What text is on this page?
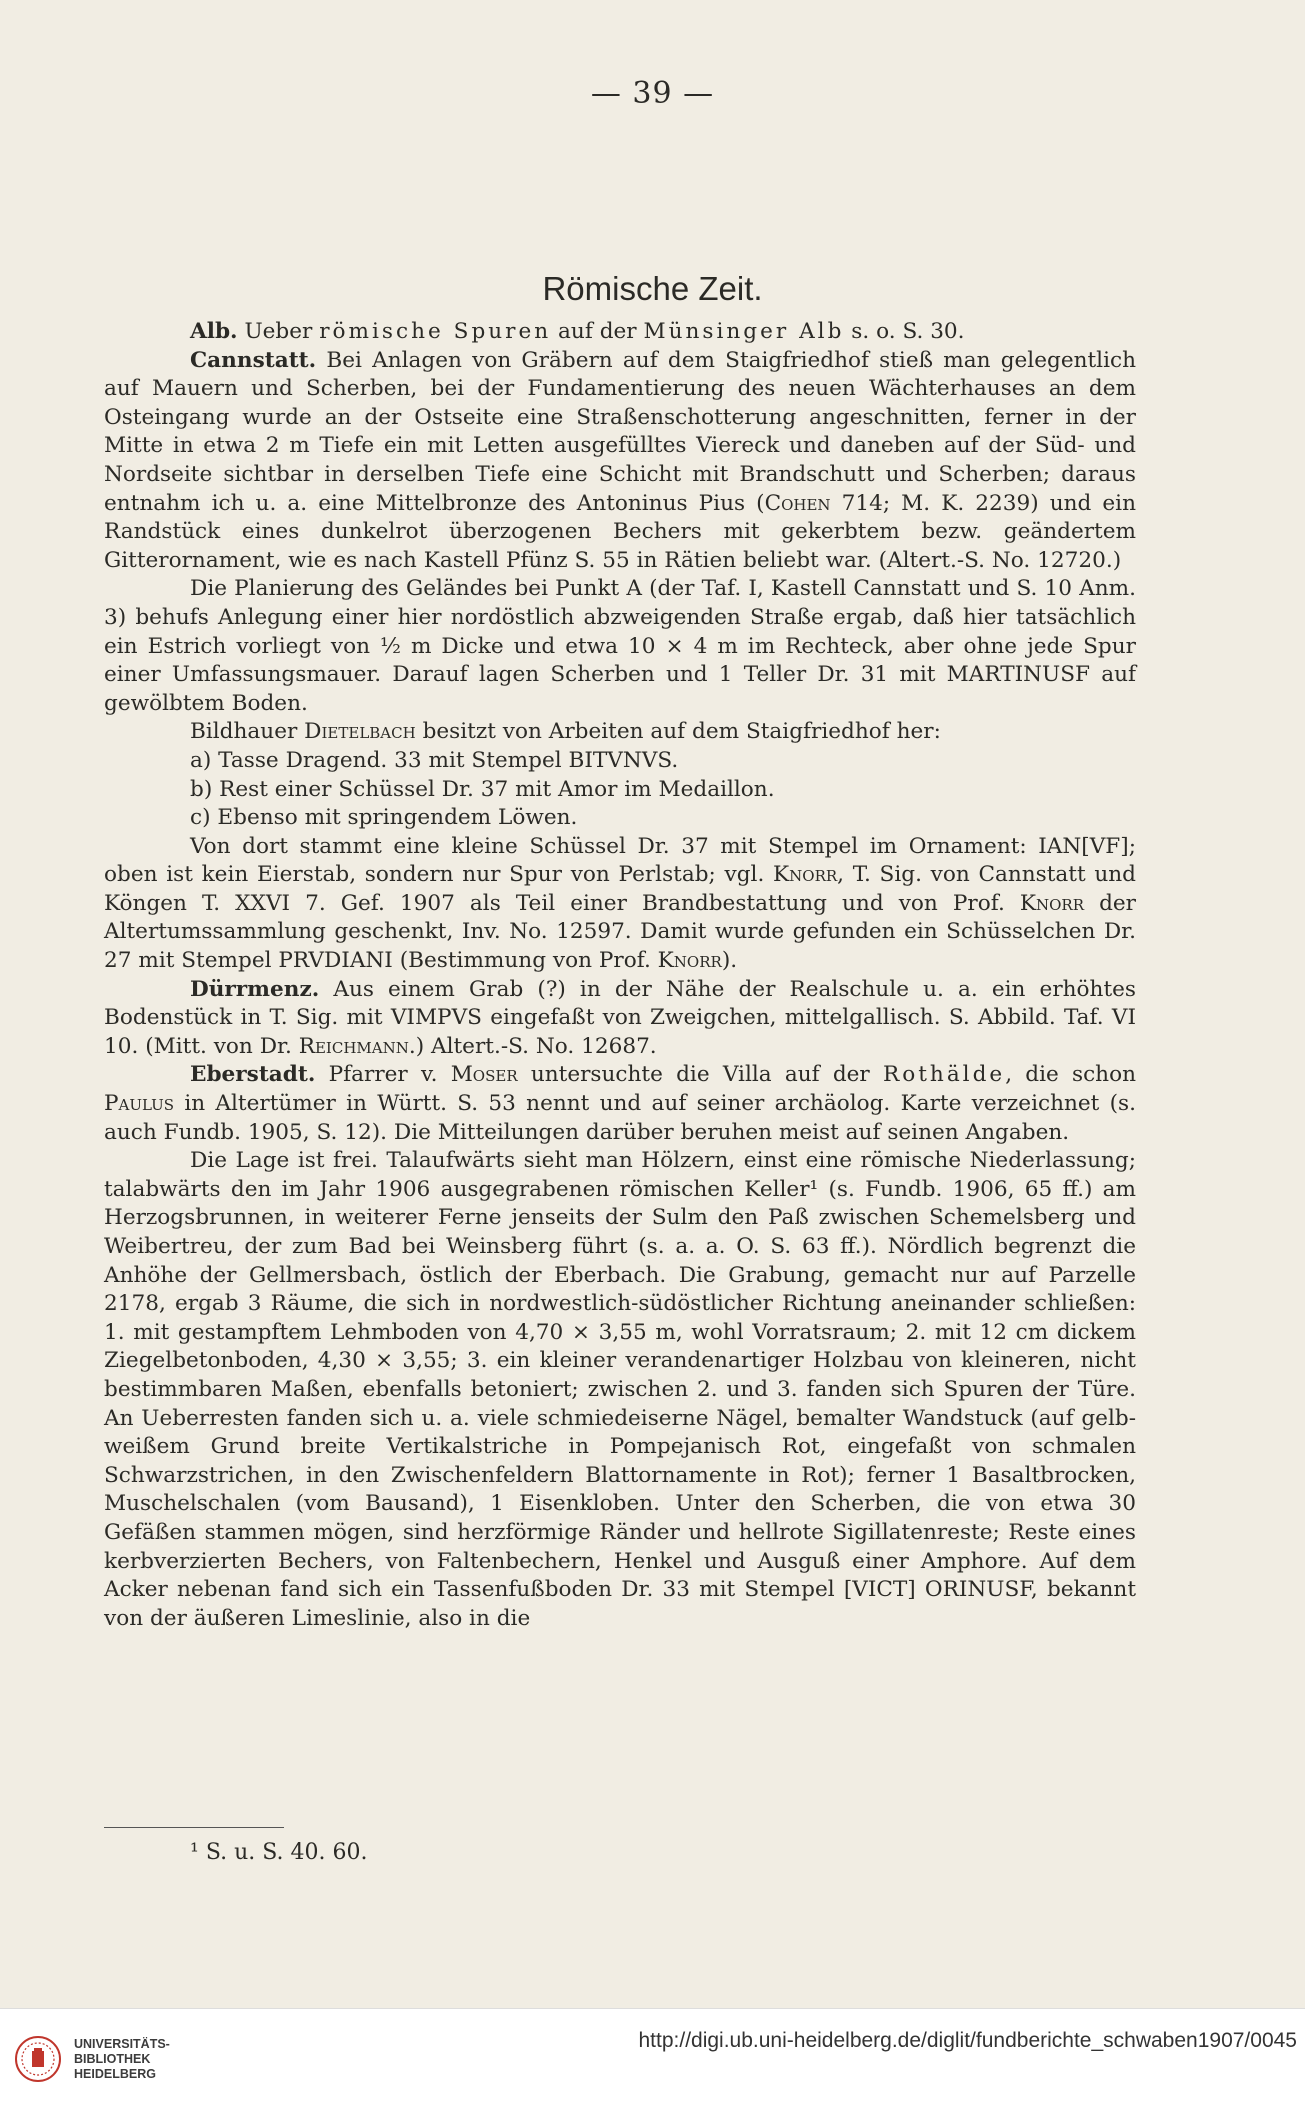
— 39 —
Römische Zeit.

Alb. Ueber römische Spuren auf der Münsinger Alb s. o. S. 30.

Cannstatt. Bei Anlagen von Gräbern auf dem Staigfriedhof stieß man gelegentlich auf Mauern und Scherben, bei der Fundamentierung des neuen Wächterhauses an dem Osteingang wurde an der Ostseite eine Straßenschotterung angeschnitten, ferner in der Mitte in etwa 2 m Tiefe ein mit Letten ausgefülltes Viereck und daneben auf der Süd- und Nordseite sichtbar in derselben Tiefe eine Schicht mit Brandschutt und Scherben; daraus entnahm ich u. a. eine Mittelbronze des Antoninus Pius (Cohen 714; M. K. 2239) und ein Randstück eines dunkelrot überzogenen Bechers mit gekerbtem bezw. geändertem Gitterornament, wie es nach Kastell Pfünz S. 55 in Rätien beliebt war. (Altert.-S. No. 12720.)

Die Planierung des Geländes bei Punkt A (der Taf. I, Kastell Cannstatt und S. 10 Anm. 3) behufs Anlegung einer hier nordöstlich abzweigenden Straße ergab, daß hier tatsächlich ein Estrich vorliegt von ½ m Dicke und etwa 10 × 4 m im Rechteck, aber ohne jede Spur einer Umfassungsmauer. Darauf lagen Scherben und 1 Teller Dr. 31 mit MARTINUSF auf gewölbtem Boden.

Bildhauer Dietelbach besitzt von Arbeiten auf dem Staigfriedhof her:

a) Tasse Dragend. 33 mit Stempel BITVNVS.

b) Rest einer Schüssel Dr. 37 mit Amor im Medaillon.

c) Ebenso mit springendem Löwen.

Von dort stammt eine kleine Schüssel Dr. 37 mit Stempel im Ornament: IAN[VF]; oben ist kein Eierstab, sondern nur Spur von Perlstab; vgl. Knorr, T. Sig. von Cannstatt und Köngen T. XXVI 7. Gef. 1907 als Teil einer Brandbestattung und von Prof. Knorr der Altertumssammlung geschenkt, Inv. No. 12597. Damit wurde gefunden ein Schüsselchen Dr. 27 mit Stempel PRVDIANI (Bestimmung von Prof. Knorr).

Dürrmenz. Aus einem Grab (?) in der Nähe der Realschule u. a. ein erhöhtes Bodenstück in T. Sig. mit VIMPVS eingefaßt von Zweigchen, mittelgallisch. S. Abbild. Taf. VI 10. (Mitt. von Dr. Reichmann.) Altert.-S. No. 12687.

Eberstadt. Pfarrer v. Moser untersuchte die Villa auf der Rothälde, die schon Paulus in Altertümer in Württ. S. 53 nennt und auf seiner archäolog. Karte verzeichnet (s. auch Fundb. 1905, S. 12). Die Mitteilungen darüber beruhen meist auf seinen Angaben.

Die Lage ist frei. Talaufwärts sieht man Hölzern, einst eine römische Niederlassung; talabwärts den im Jahr 1906 ausgegrabenen römischen Keller¹ (s. Fundb. 1906, 65 ff.) am Herzogsbrunnen, in weiterer Ferne jenseits der Sulm den Paß zwischen Schemelsberg und Weibertreu, der zum Bad bei Weinsberg führt (s. a. a. O. S. 63 ff.). Nördlich begrenzt die Anhöhe der Gellmersbach, östlich der Eberbach. Die Grabung, gemacht nur auf Parzelle 2178, ergab 3 Räume, die sich in nordwestlich-südöstlicher Richtung aneinander schließen: 1. mit gestampftem Lehmboden von 4,70 × 3,55 m, wohl Vorratsraum; 2. mit 12 cm dickem Ziegelbetonboden, 4,30 × 3,55; 3. ein kleiner verandenartiger Holzbau von kleineren, nicht bestimmbaren Maßen, ebenfalls betoniert; zwischen 2. und 3. fanden sich Spuren der Türe. An Ueberresten fanden sich u. a. viele schmiedeiserne Nägel, bemalter Wandstuck (auf gelb-weißem Grund breite Vertikalstriche in Pompejanisch Rot, eingefaßt von schmalen Schwarzstrichen, in den Zwischenfeldern Blattornamente in Rot); ferner 1 Basaltbrocken, Muschelschalen (vom Bausand), 1 Eisenkloben. Unter den Scherben, die von etwa 30 Gefäßen stammen mögen, sind herzförmige Ränder und hellrote Sigillatenreste; Reste eines kerbverzierten Bechers, von Faltenbechern, Henkel und Ausguß einer Amphore. Auf dem Acker nebenan fand sich ein Tassenfußboden Dr. 33 mit Stempel [VICT] ORINUSF, bekannt von der äußeren Limeslinie, also in die

¹ S. u. S. 40. 60.
UNIVERSITÄTS-
BIBLIOTHEK
HEIDELBERG
http://digi.ub.uni-heidelberg.de/diglit/fundberichte_schwaben1907/0045
